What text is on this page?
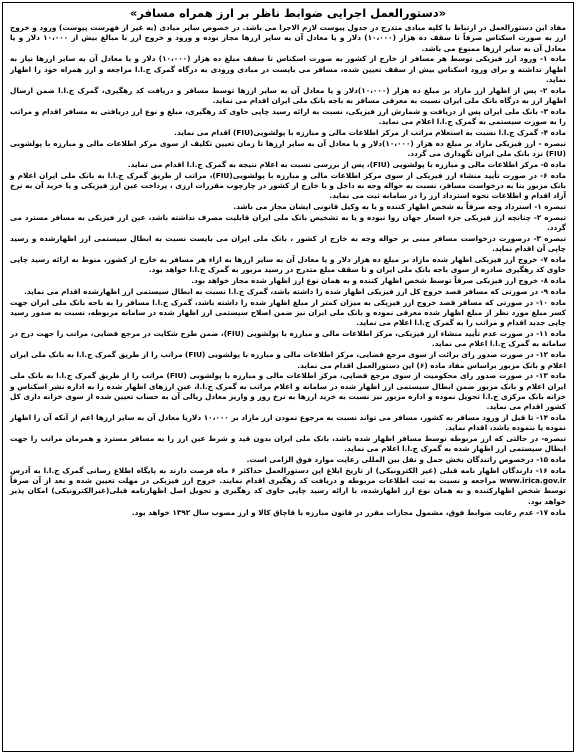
«دستورالعمل اجرایی ضوابط ناظر بر ارز همراه مسافر»
مفاد این دستورالعمل در ارتباط با کلیه مبادی متدرج در جدول پیوست لازم الاجرا می باشد. در خصوص سایر مبادی (به غیر از فهرست پیوست) ورود و خروج ارز به صورت اسکناس صرفاً تا سقف ده هزار (۱۰،۰۰۰) دلار و یا معادل آن به سایر ارزها مجاز بوده و ورود و خروج ارز با مبالغ بیش از ۱۰،۰۰۰ دلار و یا معادل آن به سایر ارزها ممنوع می باشد.
ماده ۱- ورود ارز فیزیکی توسط هر مسافر از خارج از کشور به صورت اسکناس تا سقف مبلغ ده هزار (۱۰،۰۰۰) دلار و یا معادل آن به سایر ارزها نیاز به اظهار نداشته و برای ورود اسکناس بیش از سقف تعیین شده، مسافر می بایست در مبادی ورودی به درگاه گمرک ج.ا.ا مراجعه و ارز همراه خود را اظهار نماید.
ماده ۲- پس از اظهار ارز مازاد بر مبلغ ده هزار (۱۰،۰۰۰)دلار و یا معادل آن به سایر ارزها توسط مسافر و دریافت کد رهگیری، گمرک ج.ا.ا ضمن ارسال اظهار ارز به درگاه بانک ملی ایران نسبت به معرفی مسافر به باجه بانک ملی ایران اقدام می نماید.
ماده ۳- بانک ملی ایران پس از دریافت و شمارش ارز فیزیکی، نسبت به ارائه رسید چاپی حاوی کد رهگیری، مبلغ و نوع ارز دریافتی به مسافر اقدام و مراتب را به صورت سیستمی به گمرک ج.ا.ا اعلام می نماید.
ماده ۴- گمرک ج.ا.ا نسبت به استعلام مراتب از مرکز اطلاعات مالی و مبارزه با پولشویی(FIU) اقدام می نماید.
تبصره - ارز فیزیکی مازاد بر مبلغ ده هزار (۱۰،۰۰۰)دلار و یا معادل آن به سایر ارزها تا زمان تعیین تکلیف از سوی مرکز اطلاعات مالی و مبارزه با پولشویی (FIU) نزد بانک ملی ایران نگهداری می گردد.
ماده ۵- مرکز اطلاعات مالی و مبارزه با پولشویی (FIU)، پس از بررسی نسبت به اعلام نتیجه به گمرک ج.ا.ا اقدام می نماید.
ماده ۶- در صورت تأیید منشاء ارز فیزیکی از سوی مرکز اطلاعات مالی و مبارزه با پولشویی(FIU)، مراتب از طریق گمرک ج.ا.ا به بانک ملی ایران اعلام و بانک مزبور بنا به درخواست مسافر، نسبت به حواله وجه به داخل و یا خارج از کشور در چارچوب مقررات ارزی ، پرداخت عین ارز فیزیکی و یا خرید آن به نرخ آزاد اقدام و اطلاعات نحوه استرداد ارز را در سامانه ثبت می نماید.
تبصره ۱- استرداد وجه صرفاً به شخص اظهار کننده و یا به وکیل قانونی ایشان مجاز می باشد.
تبصره ۲- چنانچه ارز فیزیکی جزء اسعار جهان روا نبوده و یا به تشخیص بانک ملی ایران قابلیت مصرف نداشته باشد، عین ارز فیزیکی به مسافر مسترد می گردد.
تبصره ۳- درصورت درخواست مسافر مبنی بر حواله وجه به خارج از کشور ، بانک ملی ایران می بایست نسبت به ابطال سیستمی ارز اظهارشده و رسید چاپی آن اقدام نماید.
ماده ۷- خروج ارز فیزیکی اظهار شده مازاد بر مبلغ ده هزار دلار و یا معادل آن به سایر ارزها به ازاء هر مسافر به خارج از کشور، منوط به ارائه رسید چاپی حاوی کد رهگیری صادره از سوی باجه بانک ملی ایران و تا سقف مبلغ متدرج در رسید مزبور به گمرک ج.ا.ا خواهد بود.
ماده ۸- خروج ارز فیزیکی صرفاً توسط شخص اظهار کننده و به همان نوع ارز اظهار شده مجاز خواهد بود.
ماده ۹- در صورتی که مسافر قصد خروج کل ارز فیزیکی اظهار شده را داشته باشد، گمرک ج.ا.ا نسبت به ابطال سیستمی ارز اظهارشده اقدام می نماید.
ماده ۱۰- در صورتی که مسافر قصد خروج ارز فیزیکی به میزان کمتر از مبلغ اظهار شده را داشته باشد، گمرک ج.ا.ا مسافر را به باجه بانک ملی ایران جهت کسر مبلغ مورد نظر از مبلغ اظهار شده معرفی نموده و بانک ملی ایران نیز ضمن اصلاح سیستمی ارز اظهار شده در سامانه مربوطه، نسبت به صدور رسید چاپی جدید اقدام و مراتب را به گمرک ج.ا.ا اعلام می نماید.
ماده ۱۱- در صورت عدم تأیید منشاء ارز فیزیکی، مرکز اطلاعات مالی و مبارزه با پولشویی (FIU)، ضمن طرح شکایت در مرجع قضایی، مراتب را جهت درج در سامانه به گمرک ج.ا.ا اعلام می نماید.
ماده ۱۲- در صورت صدور رای برائت از سوی مرجع قضایی، مرکز اطلاعات مالی و مبارزه با پولشویی (FIU) مراتب را از طریق گمرک ج.ا.ا به بانک ملی ایران اعلام و بانک مزبور براساس مفاد ماده (۶) این دستورالعمل اقدام می نماید.
ماده ۱۳- در صورت صدور رای محکومیت از سوی مرجع قضایی، مرکز اطلاعات مالی و مبارزه با پولشویی (FIU) مراتب را از طریق گمرک ج.ا.ا به بانک ملی ایران اعلام و بانک مزبور ضمن ابطال سیستمی ارز اظهار شده در سامانه و اعلام مراتب به گمرک ج.ا.ا، عین ارزهای اظهار شده را به اداره نشر اسکناس و خزانه بانک مرکزی ج.ا.ا تحویل نموده و اداره مزبور نیز نسبت به خرید ارزها به نرخ روز و واریز معادل ریالی آن به حساب تعیین شده از سوی خزانه داری کل کشور اقدام می نماید.
ماده ۱۴- تا قبل از ورود مسافر به کشور، مسافر می تواند نسبت به مرجوع نمودن ارز مازاد بر ۱۰،۰۰۰ دلاریا معادل آن به سایر ارزها اعم از آنکه آن را اظهار نموده یا ننموده باشد، اقدام نماید.
تبصره- در حالتی که ارز مربوطه توسط مسافر اظهار شده باشد، بانک ملی ایران بدون قید و شرط عین ارز را به مسافر مسترد و همزمان مراتب را جهت ابطال سیستمی ارز اظهار شده به گمرک ج.ا.ا اعلام می نماید.
ماده ۱۵- درخصوص رانندگان بخش حمل و نقل بین المللی رعایت موارد فوق الزامی است.
ماده ۱۶- دارندگان اظهار نامه قبلی (غیر الکترونیکی) از تاریخ ابلاغ این دستورالعمل حداکثر ۶ ماه فرصت دارند به پایگاه اطلاع رسانی گمرک ج.ا.ا به آدرس www.irica.gov.ir مراجعه و نسبت به ثبت اطلاعات مربوطه و دریافت کد رهگیری اقدام نمایند. خروج ارز فیزیکی در مهلت تعیین شده و بعد از آن صرفاً توسط شخص اظهارکننده و به همان نوع ارز اظهارشده، با ارائه رسید چاپی حاوی کد رهگیری و تحویل اصل اظهارنامه قبلی(غیرالکترونیکی) امکان پذیر خواهد بود.
ماده ۱۷- عدم رعایت ضوابط فوق، مشمول مجازات مقرر در قانون مبارزه با قاچاق کالا و ارز مصوب سال ۱۳۹۲ خواهد بود.
